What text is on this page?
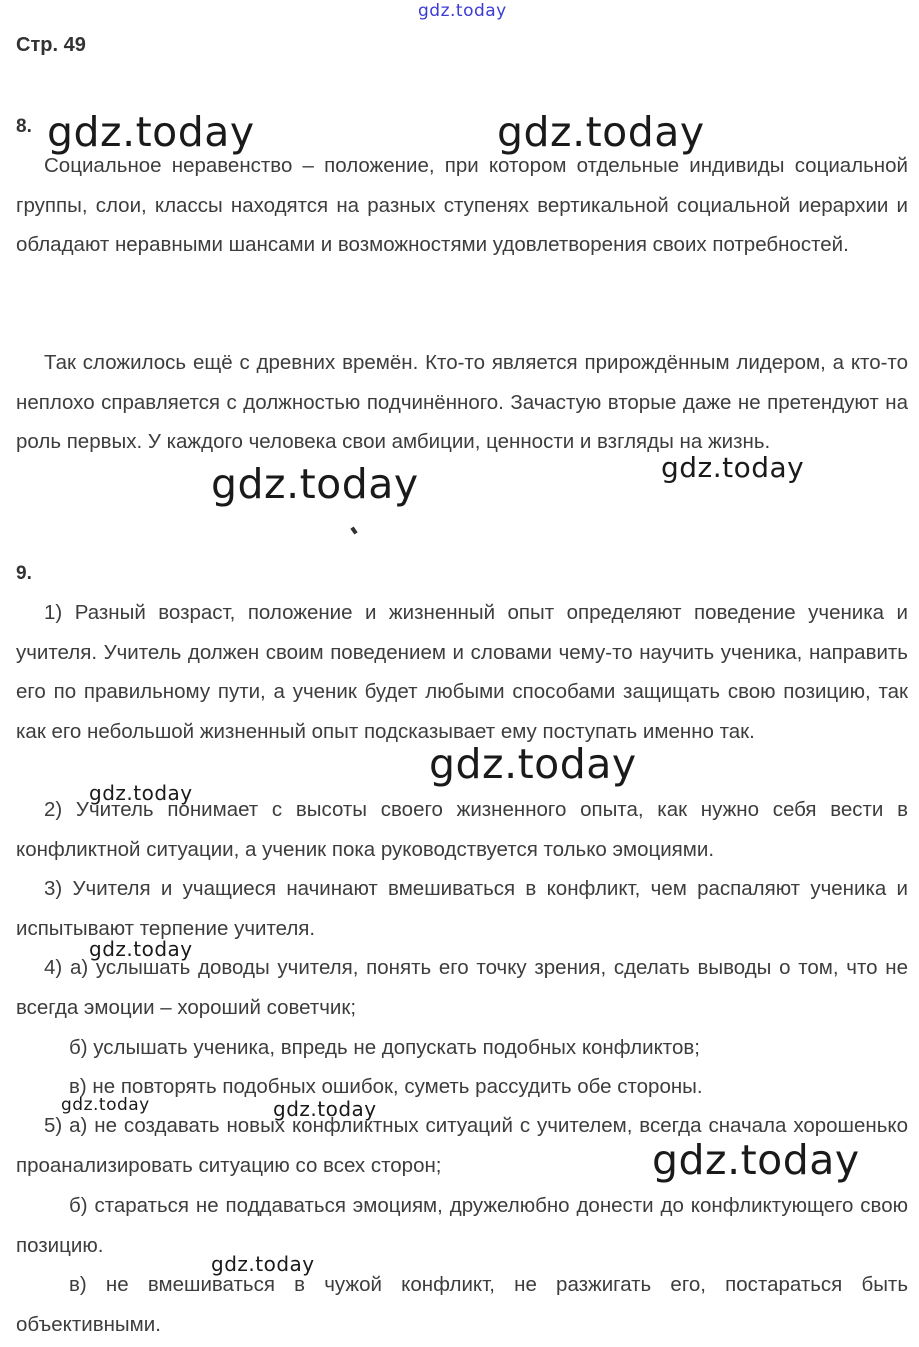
gdz.today
Стр. 49
8.

Социальное неравенство – положение, при котором отдельные индивиды социальной группы, слои, классы находятся на разных ступенях вертикальной социальной иерархии и обладают неравными шансами и возможностями удовлетворения своих потребностей.

Так сложилось ещё с древних времён. Кто-то является прирождённым лидером, а кто-то неплохо справляется с должностью подчинённого. Зачастую вторые даже не претендуют на роль первых. У каждого человека свои амбиции, ценности и взгляды на жизнь.

9.

1) Разный возраст, положение и жизненный опыт определяют поведение ученика и учителя. Учитель должен своим поведением и словами чему-то научить ученика, направить его по правильному пути, а ученик будет любыми способами защищать свою позицию, так как его небольшой жизненный опыт подсказывает ему поступать именно так.

2) Учитель понимает с высоты своего жизненного опыта, как нужно себя вести в конфликтной ситуации, а ученик пока руководствуется только эмоциями.

3) Учителя и учащиеся начинают вмешиваться в конфликт, чем распаляют ученика и испытывают терпение учителя.

4) а) услышать доводы учителя, понять его точку зрения, сделать выводы о том, что не всегда эмоции – хороший советчик;

б) услышать ученика, впредь не допускать подобных конфликтов;

в) не повторять подобных ошибок, суметь рассудить обе стороны.

5) а) не создавать новых конфликтных ситуаций с учителем, всегда сначала хорошенько проанализировать ситуацию со всех сторон;

б) стараться не поддаваться эмоциям, дружелюбно донести до конфликтующего свою позицию.

в) не вмешиваться в чужой конфликт, не разжигать его, постараться быть объективными.

gdz.today	gdz.today
gdz.today
gdz.today
gdz.today
gdz.today
gdz.today
gdz.today	gdz.today
gdz.today
gdz.today
